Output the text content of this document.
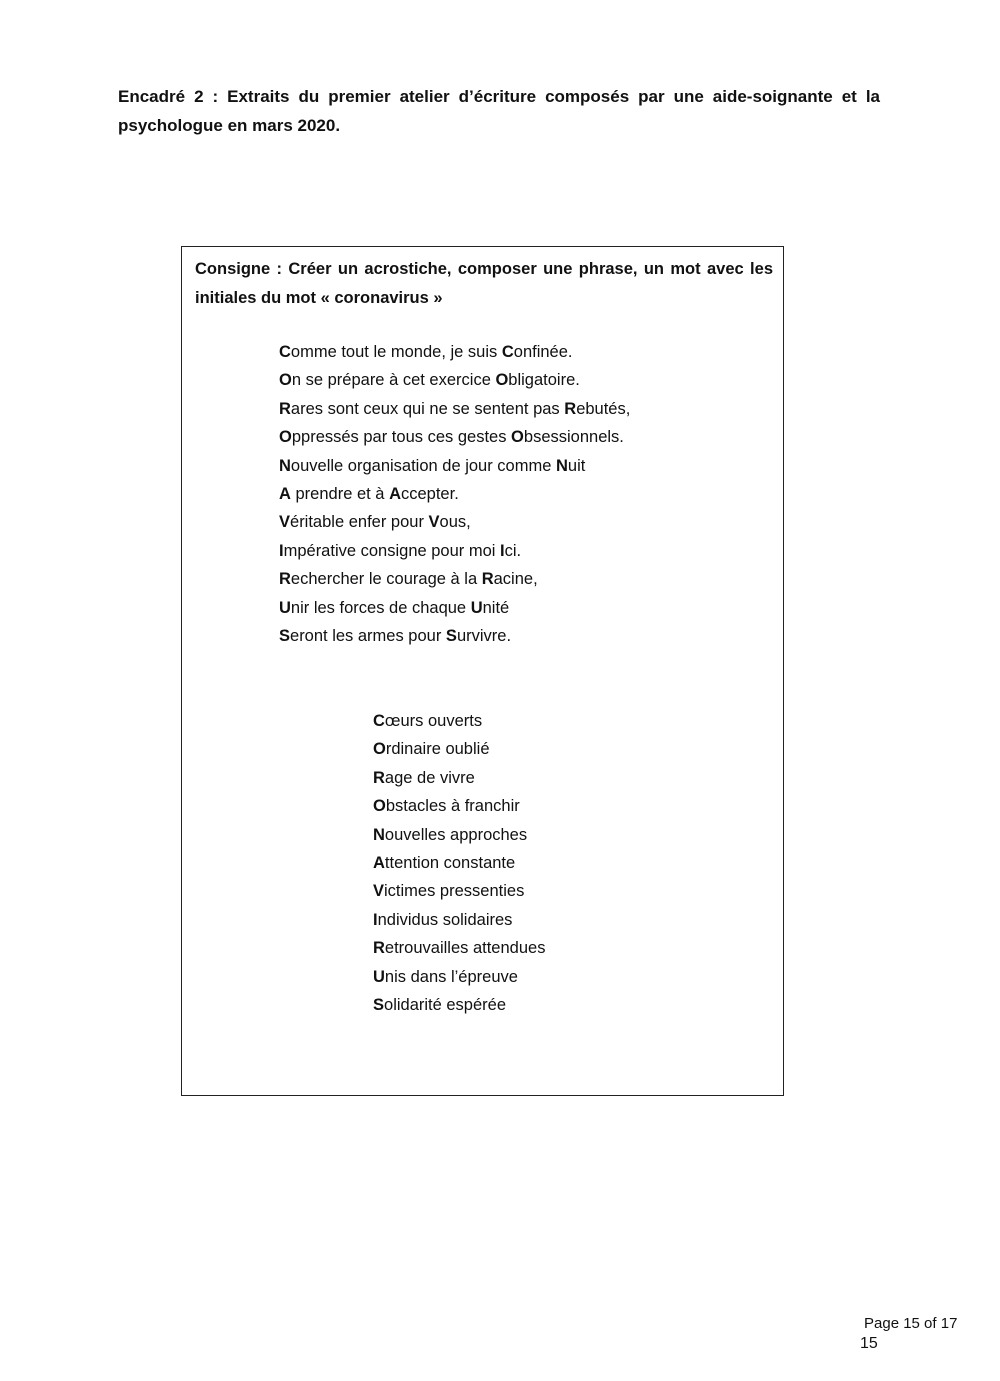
Encadré 2 : Extraits du premier atelier d’écriture composés par une aide-soignante et la psychologue en mars 2020.

Consigne : Créer un acrostiche, composer une phrase, un mot avec les initiales du mot « coronavirus »

Comme tout le monde, je suis Confinée.
On se prépare à cet exercice Obligatoire.
Rares sont ceux qui ne se sentent pas Rebutés,
Oppressés par tous ces gestes Obsessionnels.
Nouvelle organisation de jour comme Nuit
A prendre et à Accepter.
Véritable enfer pour Vous,
Impérative consigne pour moi Ici.
Rechercher le courage à la Racine,
Unir les forces de chaque Unité
Seront les armes pour Survivre.
Cœurs ouverts
Ordinaire oublié
Rage de vivre
Obstacles à franchir
Nouvelles approches
Attention constante
Victimes pressenties
Individus solidaires
Retrouvailles attendues
Unis dans l’épreuve
Solidarité espérée
Page 15 of 17
15
